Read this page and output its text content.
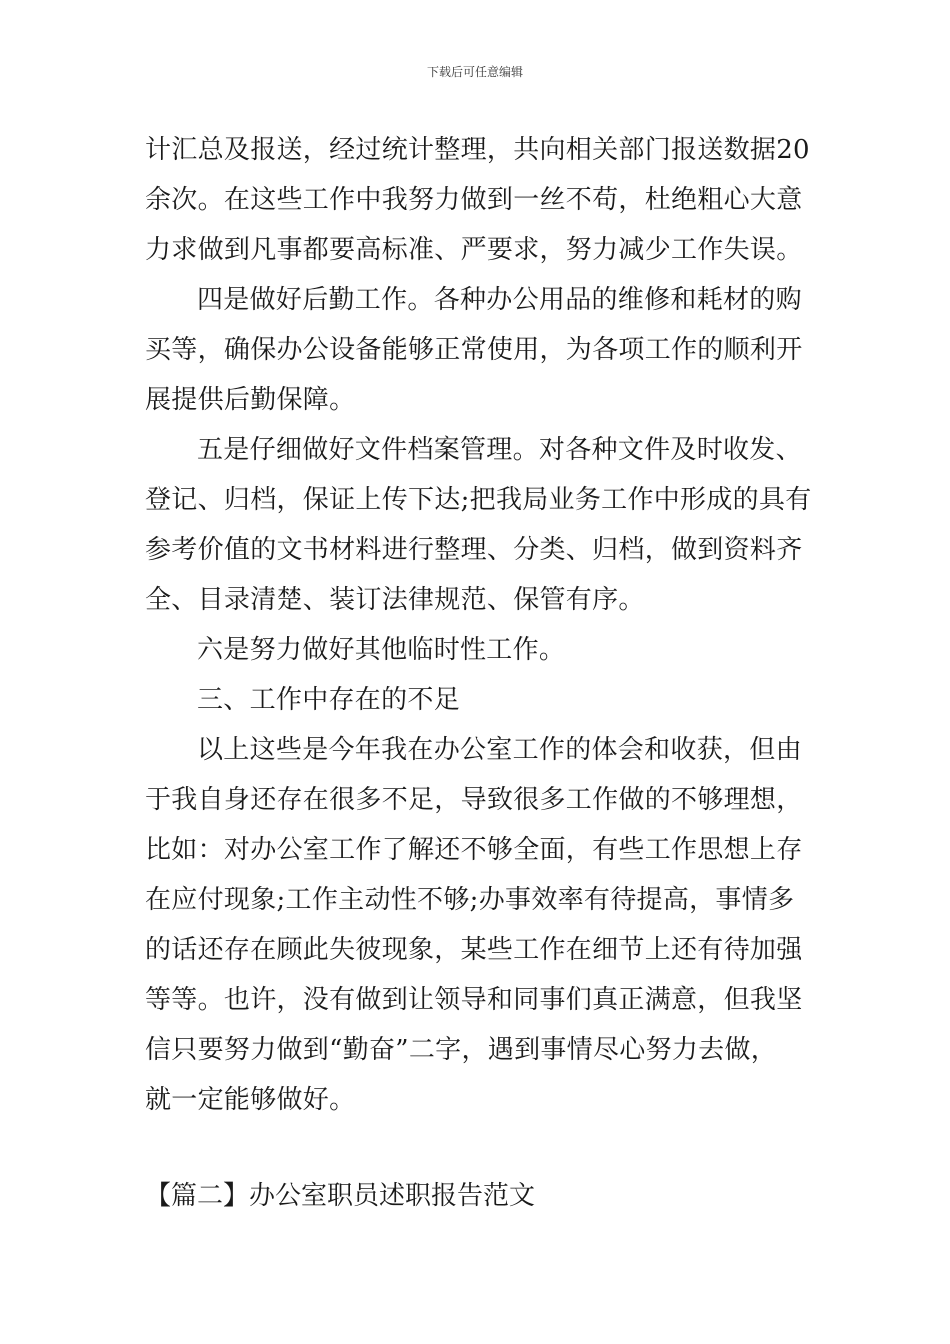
下载后可任意编辑
计汇总及报送，经过统计整理，共向相关部门报送数据20
余次。在这些工作中我努力做到一丝不苟，杜绝粗心大意
力求做到凡事都要高标准、严要求，努力减少工作失误。
四是做好后勤工作。各种办公用品的维修和耗材的购
买等，确保办公设备能够正常使用，为各项工作的顺利开
展提供后勤保障。
五是仔细做好文件档案管理。对各种文件及时收发、
登记、归档，保证上传下达;把我局业务工作中形成的具有
参考价值的文书材料进行整理、分类、归档，做到资料齐
全、目录清楚、装订法律规范、保管有序。
六是努力做好其他临时性工作。
三、工作中存在的不足
以上这些是今年我在办公室工作的体会和收获，但由
于我自身还存在很多不足，导致很多工作做的不够理想，
比如：对办公室工作了解还不够全面，有些工作思想上存
在应付现象;工作主动性不够;办事效率有待提高，事情多
的话还存在顾此失彼现象，某些工作在细节上还有待加强
等等。也许，没有做到让领导和同事们真正满意，但我坚
信只要努力做到“勤奋”二字，遇到事情尽心努力去做，
就一定能够做好。
【篇二】办公室职员述职报告范文
